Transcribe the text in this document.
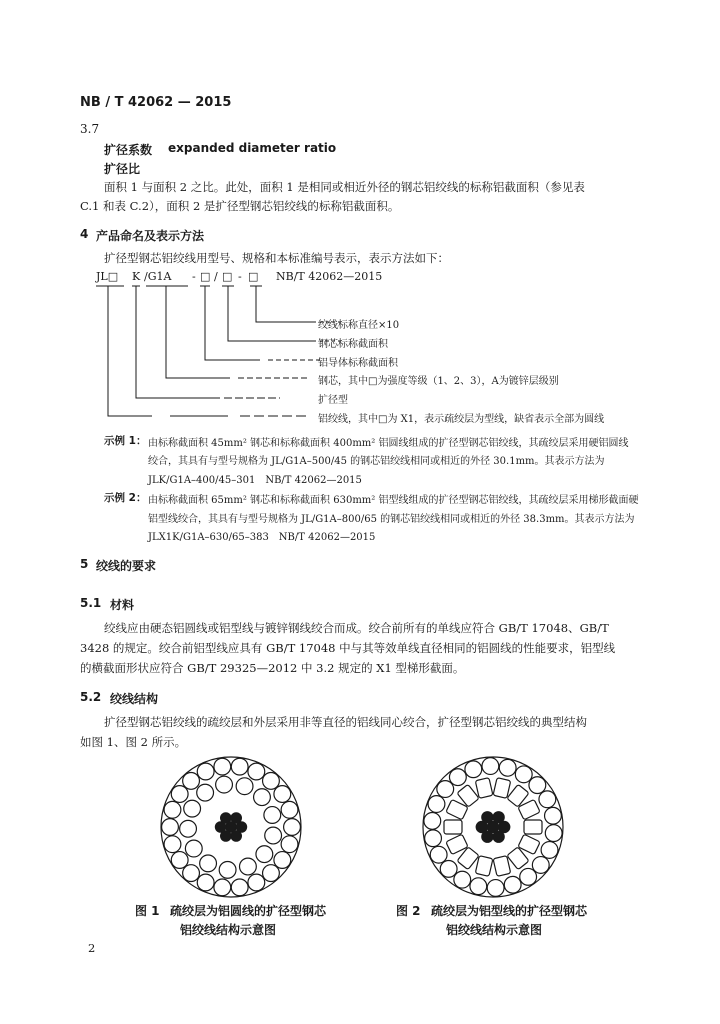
NB / T 42062 — 2015
3.7
扩径系数 expanded diameter ratio
扩径比
面积 1 与面积 2 之比。此处，面积 1 是相同或相近外径的钢芯铝绞线的标称铝截面积（参见表
C.1 和表 C.2），面积 2 是扩径型钢芯铝绞线的标称铝截面积。
4 产品命名及表示方法
扩径型钢芯铝绞线用型号、规格和本标准编号表示，表示方法如下：
JL□ K /G1A - □ / □ - □ NB/T 42062—2015
绞线标称直径×10
钢芯标称截面积
铝导体标称截面积
钢芯，其中□为强度等级（1、2、3），A为镀锌层级别
扩径型
铝绞线，其中□为 X1，表示疏绞层为型线，缺省表示全部为圆线
示例 1： 由标称截面积 45mm² 钢芯和标称截面积 400mm² 铝圆线组成的扩径型钢芯铝绞线，其疏绞层采用硬铝圆线
绞合，其具有与型号规格为 JL/G1A–500/45 的钢芯铝绞线相同或相近的外径 30.1mm。其表示方法为
JLK/G1A–400/45–301　NB/T 42062—2015
示例 2： 由标称截面积 65mm² 钢芯和标称截面积 630mm² 铝型线组成的扩径型钢芯铝绞线，其疏绞层采用梯形截面硬
铝型线绞合，其具有与型号规格为 JL/G1A–800/65 的钢芯铝绞线相同或相近的外径 38.3mm。其表示方法为
JLX1K/G1A–630/65–383　NB/T 42062—2015
5 绞线的要求
5.1 材料
绞线应由硬态铝圆线或铝型线与镀锌钢线绞合而成。绞合前所有的单线应符合 GB/T 17048、GB/T
3428 的规定。绞合前铝型线应具有 GB/T 17048 中与其等效单线直径相同的铝圆线的性能要求，铝型线
的横截面形状应符合 GB/T 29325—2012 中 3.2 规定的 X1 型梯形截面。
5.2 绞线结构
扩径型钢芯铝绞线的疏绞层和外层采用非等直径的铝线同心绞合，扩径型钢芯铝绞线的典型结构
如图 1、图 2 所示。
图 1 疏绞层为铝圆线的扩径型钢芯
铝绞线结构示意图
图 2 疏绞层为铝型线的扩径型钢芯
铝绞线结构示意图
2
